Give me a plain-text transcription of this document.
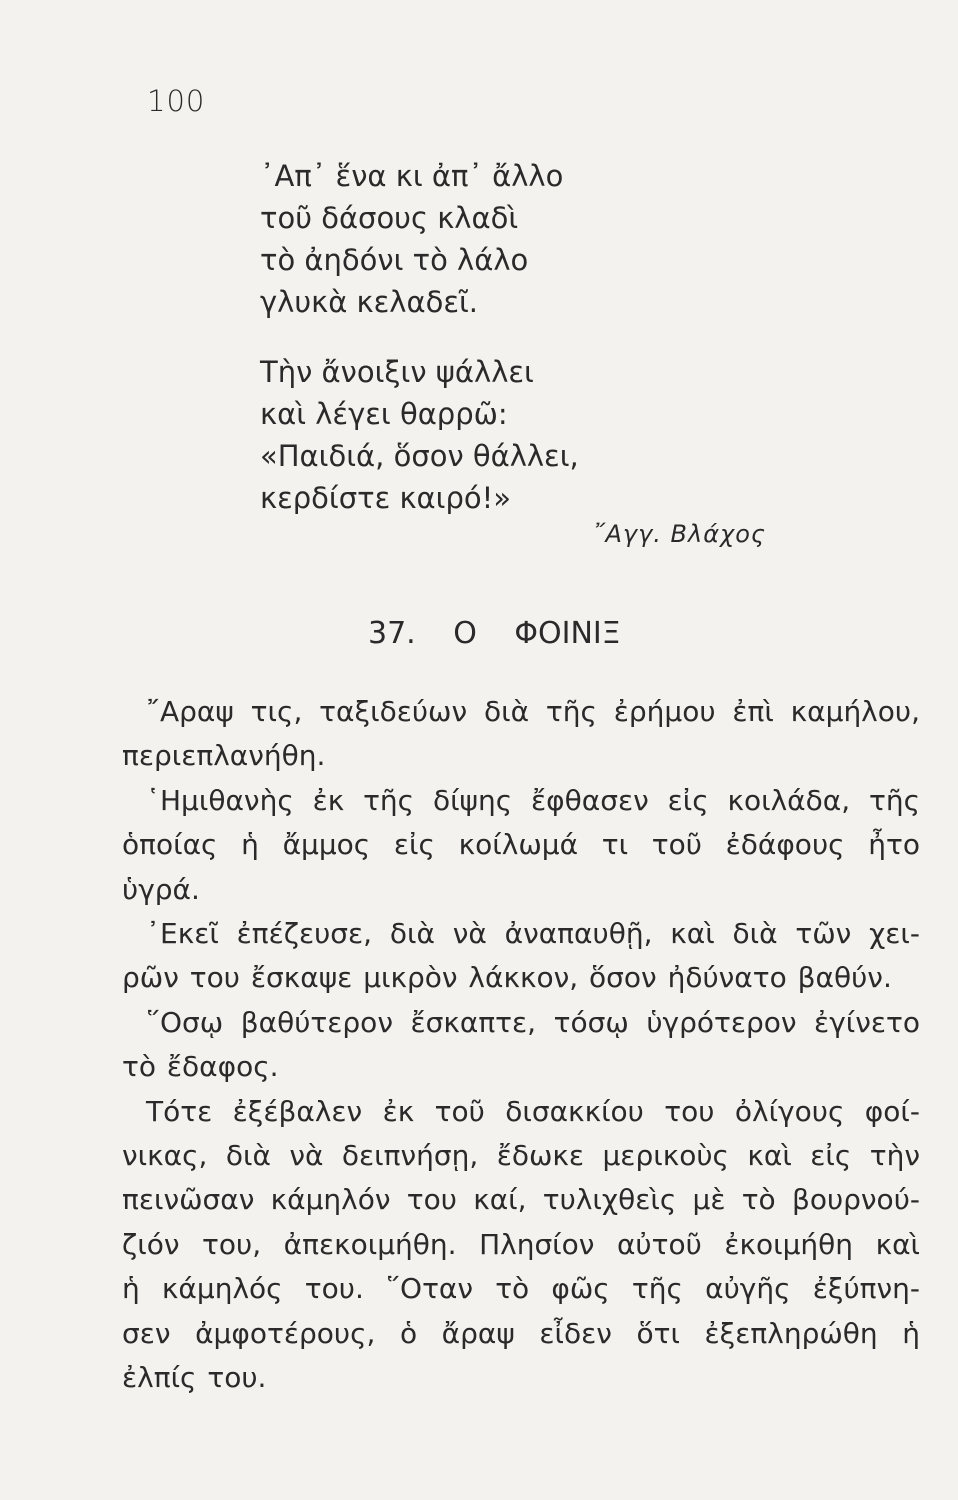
100
᾿Απ᾿ ἕνα κι ἀπ᾿ ἄλλο
τοῦ δάσους κλαδὶ
τὸ ἀηδόνι τὸ λάλο
γλυκὰ κελαδεῖ.
Τὴν ἄνοιξιν ψάλλει
καὶ λέγει θαρρῶ:
«Παιδιά, ὅσον θάλλει,
κερδίστε καιρό!»
῎Αγγ. Βλάχος
37. Ο ΦΟΙΝΙΞ
῎Αραψ τις, ταξιδεύων διὰ τῆς ἐρήμου ἐπὶ καμήλου,
περιεπλανήθη.
῾Ημιθανὴς ἐκ τῆς δίψης ἔφθασεν εἰς κοιλάδα, τῆς
ὁποίας ἡ ἄμμος εἰς κοίλωμά τι τοῦ ἐδάφους ἦτο
ὑγρά.
᾿Εκεῖ ἐπέζευσε, διὰ νὰ ἀναπαυθῇ, καὶ διὰ τῶν χει-
ρῶν του ἔσκαψε μικρὸν λάκκον, ὅσον ἠδύνατο βαθύν.
῞Οσῳ βαθύτερον ἔσκαπτε, τόσῳ ὑγρότερον ἐγίνετο
τὸ ἔδαφος.
Τότε ἐξέβαλεν ἐκ τοῦ δισακκίου του ὀλίγους φοί-
νικας, διὰ νὰ δειπνήσῃ, ἔδωκε μερικοὺς καὶ εἰς τὴν
πεινῶσαν κάμηλόν του καί, τυλιχθεὶς μὲ τὸ βουρνού-
ζιόν του, ἀπεκοιμήθη. Πλησίον αὐτοῦ ἐκοιμήθη καὶ
ἡ κάμηλός του. ῞Οταν τὸ φῶς τῆς αὐγῆς ἐξύπνη-
σεν ἀμφοτέρους, ὁ ἄραψ εἶδεν ὅτι ἐξεπληρώθη ἡ
ἐλπίς του.
